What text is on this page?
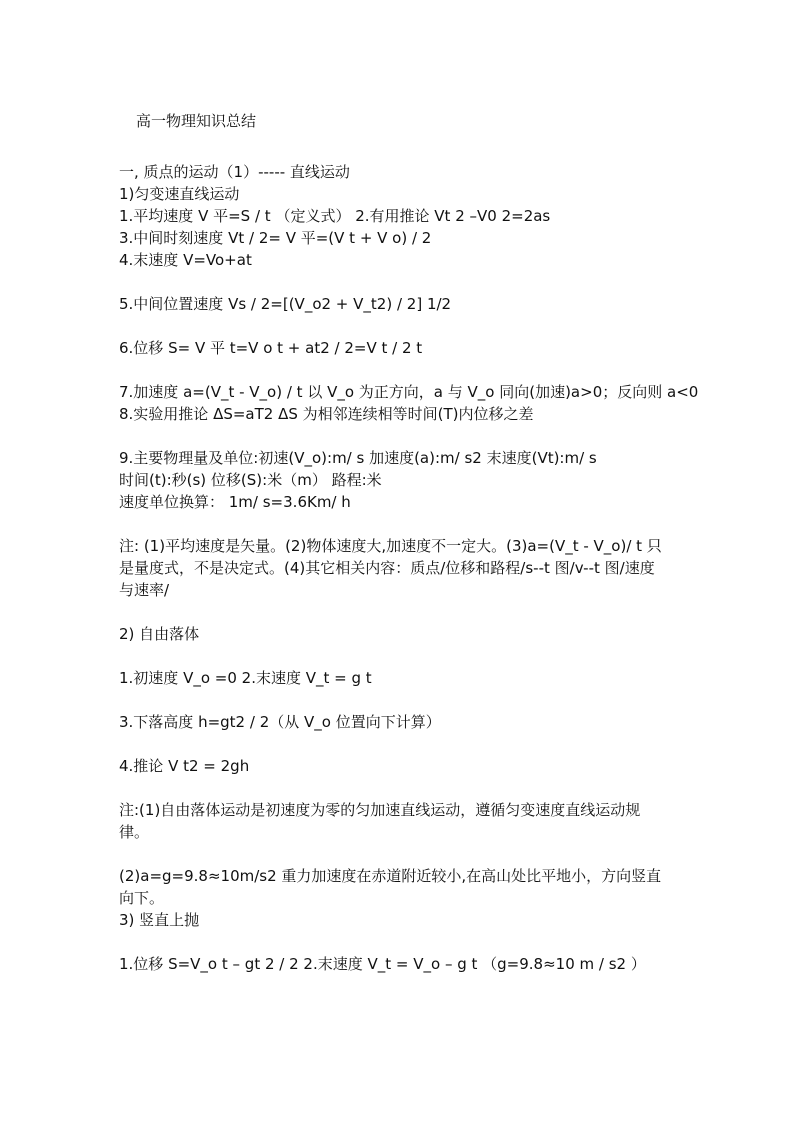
高一物理知识总结
一, 质点的运动（1）----- 直线运动
1)匀变速直线运动
1.平均速度 V 平=S / t （定义式） 2.有用推论 Vt 2 –V0 2=2as
3.中间时刻速度 Vt / 2= V 平=(V t + V o) / 2
4.末速度 V=Vo+at
5.中间位置速度 Vs / 2=[(V_o2 + V_t2) / 2] 1/2
6.位移 S= V 平 t=V o t + at2 / 2=V t / 2 t
7.加速度 a=(V_t - V_o) / t 以 V_o 为正方向，a 与 V_o 同向(加速)a>0；反向则 a<0
8.实验用推论 ΔS=aT2 ΔS 为相邻连续相等时间(T)内位移之差
9.主要物理量及单位:初速(V_o):m/ s 加速度(a):m/ s2 末速度(Vt):m/ s
时间(t):秒(s) 位移(S):米（m） 路程:米
速度单位换算： 1m/ s=3.6Km/ h
注: (1)平均速度是矢量。(2)物体速度大,加速度不一定大。(3)a=(V_t - V_o)/ t 只
是量度式，不是决定式。(4)其它相关内容：质点/位移和路程/s--t 图/v--t 图/速度
与速率/
2) 自由落体
1.初速度 V_o =0 2.末速度 V_t = g t
3.下落高度 h=gt2 / 2（从 V_o 位置向下计算）
4.推论 V t2 = 2gh
注:(1)自由落体运动是初速度为零的匀加速直线运动，遵循匀变速度直线运动规
律。
(2)a=g=9.8≈10m/s2 重力加速度在赤道附近较小,在高山处比平地小，方向竖直
向下。
3) 竖直上抛
1.位移 S=V_o t – gt 2 / 2 2.末速度 V_t = V_o – g t （g=9.8≈10 m / s2 ）
